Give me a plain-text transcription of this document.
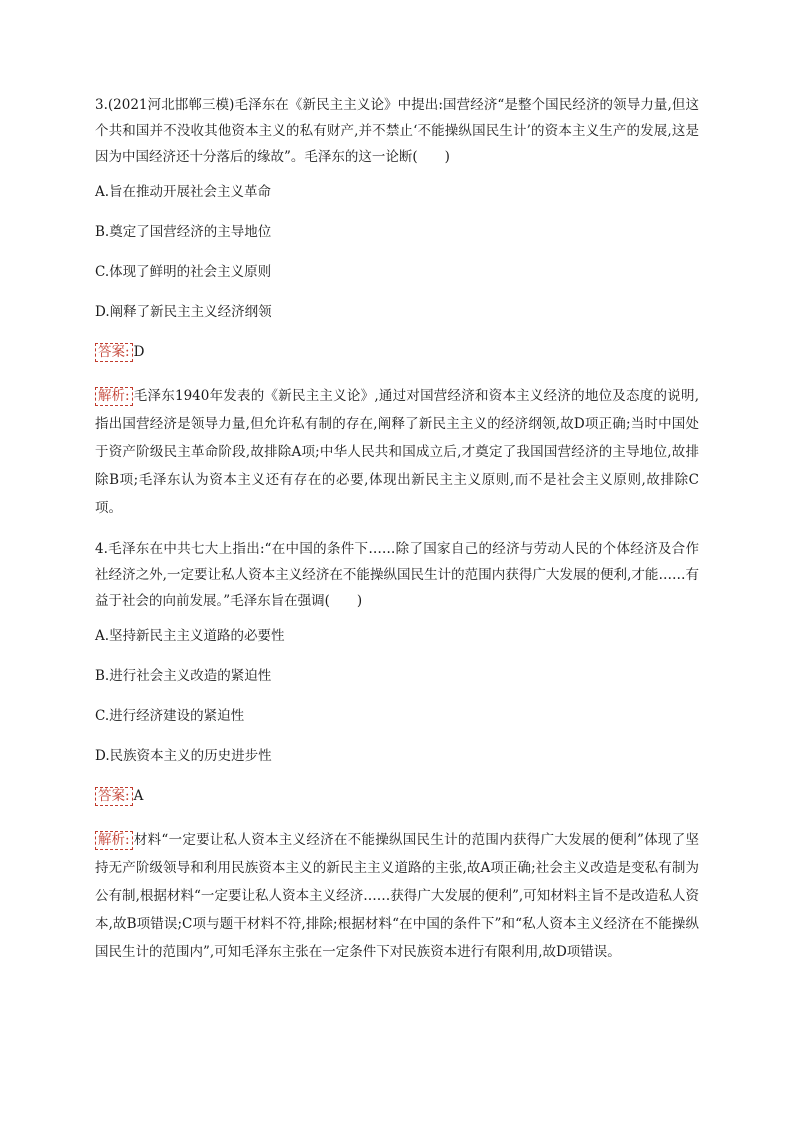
3.(2021河北邯郸三模)毛泽东在《新民主主义论》中提出:国营经济“是整个国民经济的领导力量,但这个共和国并不没收其他资本主义的私有财产,并不禁止‘不能操纵国民生计’的资本主义生产的发展,这是因为中国经济还十分落后的缘故”。毛泽东的这一论断(　　)

A.旨在推动开展社会主义革命

B.奠定了国营经济的主导地位

C.体现了鲜明的社会主义原则

D.阐释了新民主主义经济纲领

答案: D

解析: 毛泽东1940年发表的《新民主主义论》,通过对国营经济和资本主义经济的地位及态度的说明,指出国营经济是领导力量,但允许私有制的存在,阐释了新民主主义的经济纲领,故D项正确;当时中国处于资产阶级民主革命阶段,故排除A项;中华人民共和国成立后,才奠定了我国国营经济的主导地位,故排除B项;毛泽东认为资本主义还有存在的必要,体现出新民主主义原则,而不是社会主义原则,故排除C项。

4.毛泽东在中共七大上指出:“在中国的条件下……除了国家自己的经济与劳动人民的个体经济及合作社经济之外,一定要让私人资本主义经济在不能操纵国民生计的范围内获得广大发展的便利,才能……有益于社会的向前发展。”毛泽东旨在强调(　　)

A.坚持新民主主义道路的必要性

B.进行社会主义改造的紧迫性

C.进行经济建设的紧迫性

D.民族资本主义的历史进步性

答案: A

解析: 材料“一定要让私人资本主义经济在不能操纵国民生计的范围内获得广大发展的便利”体现了坚持无产阶级领导和利用民族资本主义的新民主主义道路的主张,故A项正确;社会主义改造是变私有制为公有制,根据材料“一定要让私人资本主义经济……获得广大发展的便利”,可知材料主旨不是改造私人资本,故B项错误;C项与题干材料不符,排除;根据材料“在中国的条件下”和“私人资本主义经济在不能操纵国民生计的范围内”,可知毛泽东主张在一定条件下对民族资本进行有限利用,故D项错误。
